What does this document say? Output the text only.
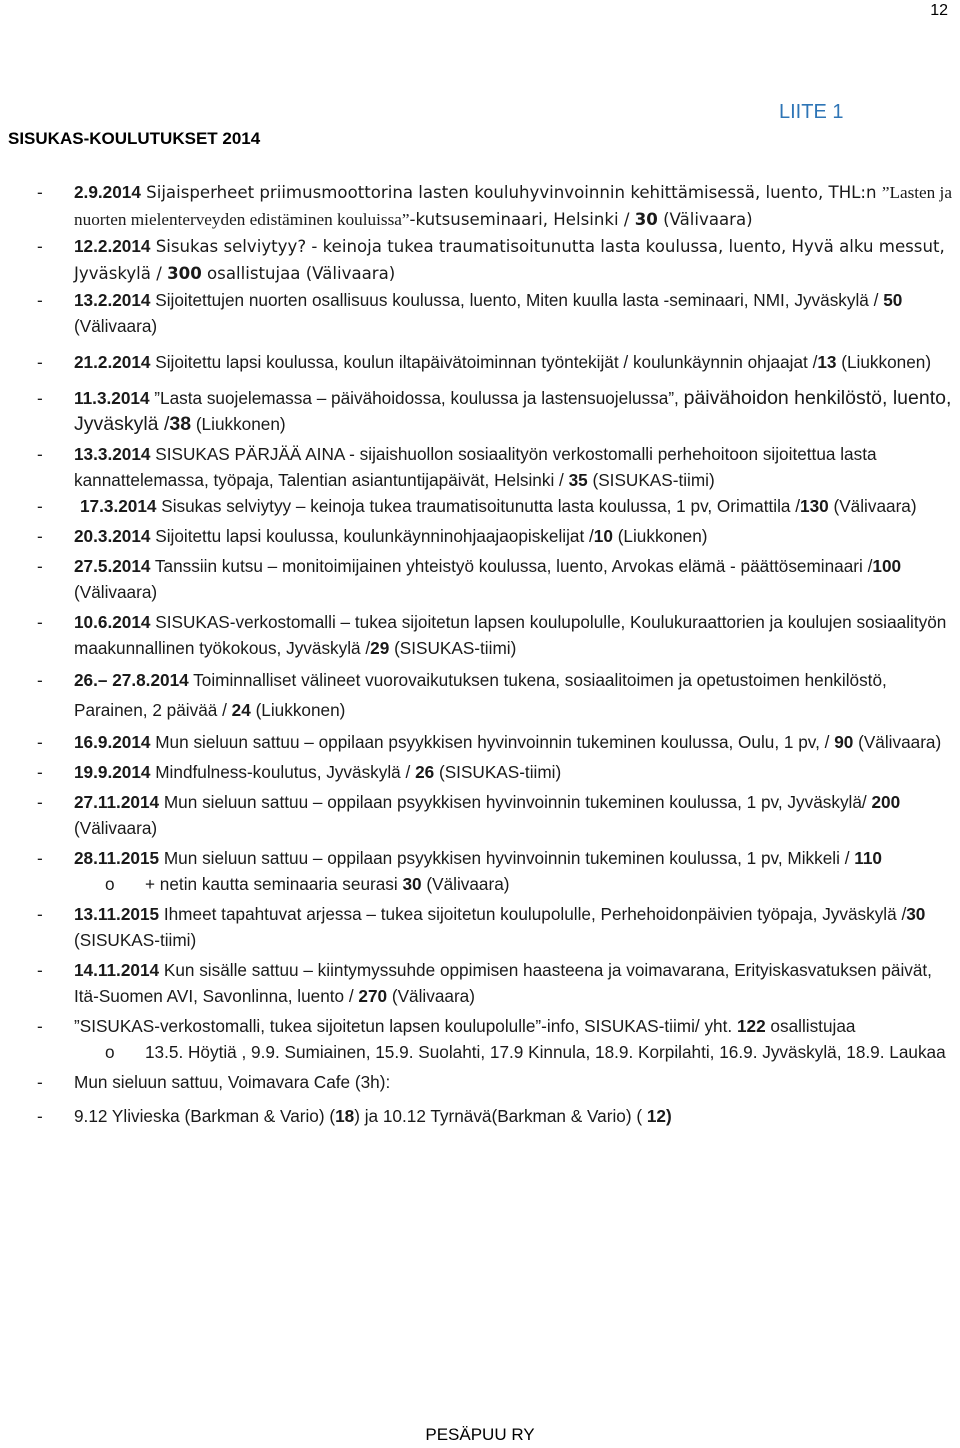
12
LIITE 1
SISUKAS-KOULUTUKSET 2014
- 2.9.2014 Sijaisperheet priimusmoottorina lasten kouluhyvinvoinnin kehittämisessä, luento, THL:n ”Lasten ja nuorten mielenterveyden edistäminen kouluissa”-kutsuseminaari, Helsinki / 30 (Välivaara)
- 12.2.2014 Sisukas selviytyy? - keinoja tukea traumatisoitunutta lasta koulussa, luento, Hyvä alku messut, Jyväskylä / 300 osallistujaa (Välivaara)
- 13.2.2014 Sijoitettujen nuorten osallisuus koulussa, luento, Miten kuulla lasta -seminaari, NMI, Jyväskylä / 50 (Välivaara)
- 21.2.2014 Sijoitettu lapsi koulussa, koulun iltapäivätoiminnan työntekijät / koulunkäynnin ohjaajat /13 (Liukkonen)
- 11.3.2014 ”Lasta suojelemassa – päivähoidossa, koulussa ja lastensuojelussa”, päivähoidon henkilöstö, luento, Jyväskylä /38 (Liukkonen)
- 13.3.2014 SISUKAS PÄRJÄÄ AINA - sijaishuollon sosiaalityön verkostomalli perhehoitoon sijoitettua lasta kannattelemassa, työpaja, Talentian asiantuntijapäivät, Helsinki / 35 (SISUKAS-tiimi)
- 17.3.2014 Sisukas selviytyy – keinoja tukea traumatisoitunutta lasta koulussa, 1 pv, Orimattila /130 (Välivaara)
- 20.3.2014 Sijoitettu lapsi koulussa, koulunkäynninohjaajaopiskelijat /10 (Liukkonen)
- 27.5.2014 Tanssiin kutsu – monitoimijainen yhteistyö koulussa, luento, Arvokas elämä - päättöseminaari /100 (Välivaara)
- 10.6.2014 SISUKAS-verkostomalli – tukea sijoitetun lapsen koulupolulle, Koulukuraattorien ja koulujen sosiaalityön maakunnallinen työkokous, Jyväskylä /29 (SISUKAS-tiimi)
- 26.– 27.8.2014 Toiminnalliset välineet vuorovaikutuksen tukena, sosiaalitoimen ja opetustoimen henkilöstö, Parainen, 2 päivää / 24 (Liukkonen)
- 16.9.2014 Mun sieluun sattuu – oppilaan psyykkisen hyvinvoinnin tukeminen koulussa, Oulu, 1 pv, / 90 (Välivaara)
- 19.9.2014 Mindfulness-koulutus, Jyväskylä / 26 (SISUKAS-tiimi)
- 27.11.2014 Mun sieluun sattuu – oppilaan psyykkisen hyvinvoinnin tukeminen koulussa, 1 pv, Jyväskylä/ 200 (Välivaara)
- 28.11.2015 Mun sieluun sattuu – oppilaan psyykkisen hyvinvoinnin tukeminen koulussa, 1 pv, Mikkeli / 110
o + netin kautta seminaaria seurasi 30 (Välivaara)
- 13.11.2015 Ihmeet tapahtuvat arjessa – tukea sijoitetun koulupolulle, Perhehoidonpäivien työpaja, Jyväskylä /30 (SISUKAS-tiimi)
- 14.11.2014 Kun sisälle sattuu – kiintymyssuhde oppimisen haasteena ja voimavarana, Erityiskasvatuksen päivät, Itä-Suomen AVI, Savonlinna, luento / 270 (Välivaara)
- ”SISUKAS-verkostomalli, tukea sijoitetun lapsen koulupolulle”-info, SISUKAS-tiimi/ yht. 122 osallistujaa
o 13.5. Höytiä , 9.9. Sumiainen, 15.9. Suolahti, 17.9 Kinnula, 18.9. Korpilahti, 16.9. Jyväskylä, 18.9. Laukaa
- Mun sieluun sattuu, Voimavara Cafe (3h):
- 9.12 Ylivieska (Barkman & Vario) (18) ja 10.12 Tyrnävä(Barkman & Vario) ( 12)
PESÄPUU RY
